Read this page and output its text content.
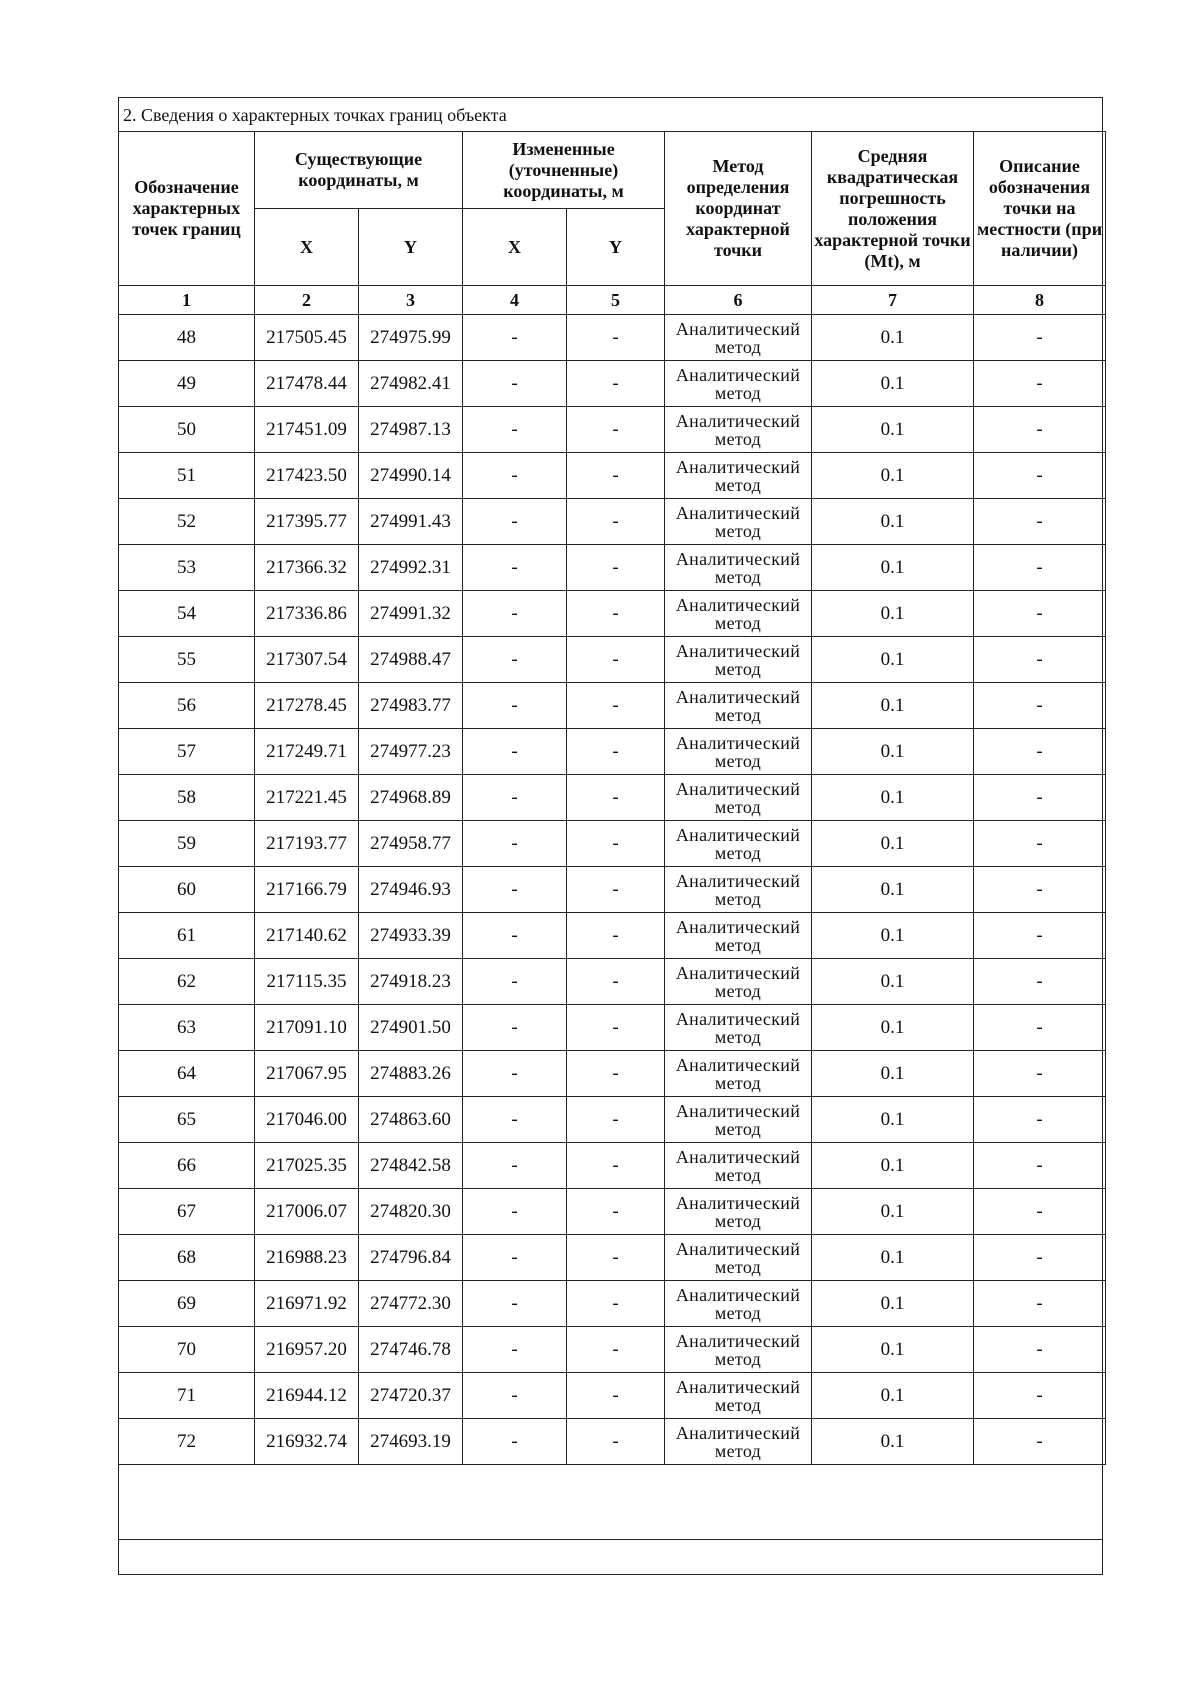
2. Сведения о характерных точках границ объекта
Обозначение характерных точек границ	Существующие координаты, м		Измененные (уточненные) координаты, м		Метод определения координат характерной точки	Средняя квадратическая погрешность положения характерной точки (Mt), м	Описание обозначения точки на местности (при наличии)
	X	Y	X	Y			
1	2	3	4	5	6	7	8
48	217505.45	274975.99	-	-	Аналитический метод	0.1	-
49	217478.44	274982.41	-	-	Аналитический метод	0.1	-
50	217451.09	274987.13	-	-	Аналитический метод	0.1	-
51	217423.50	274990.14	-	-	Аналитический метод	0.1	-
52	217395.77	274991.43	-	-	Аналитический метод	0.1	-
53	217366.32	274992.31	-	-	Аналитический метод	0.1	-
54	217336.86	274991.32	-	-	Аналитический метод	0.1	-
55	217307.54	274988.47	-	-	Аналитический метод	0.1	-
56	217278.45	274983.77	-	-	Аналитический метод	0.1	-
57	217249.71	274977.23	-	-	Аналитический метод	0.1	-
58	217221.45	274968.89	-	-	Аналитический метод	0.1	-
59	217193.77	274958.77	-	-	Аналитический метод	0.1	-
60	217166.79	274946.93	-	-	Аналитический метод	0.1	-
61	217140.62	274933.39	-	-	Аналитический метод	0.1	-
62	217115.35	274918.23	-	-	Аналитический метод	0.1	-
63	217091.10	274901.50	-	-	Аналитический метод	0.1	-
64	217067.95	274883.26	-	-	Аналитический метод	0.1	-
65	217046.00	274863.60	-	-	Аналитический метод	0.1	-
66	217025.35	274842.58	-	-	Аналитический метод	0.1	-
67	217006.07	274820.30	-	-	Аналитический метод	0.1	-
68	216988.23	274796.84	-	-	Аналитический метод	0.1	-
69	216971.92	274772.30	-	-	Аналитический метод	0.1	-
70	216957.20	274746.78	-	-	Аналитический метод	0.1	-
71	216944.12	274720.37	-	-	Аналитический метод	0.1	-
72	216932.74	274693.19	-	-	Аналитический метод	0.1	-
